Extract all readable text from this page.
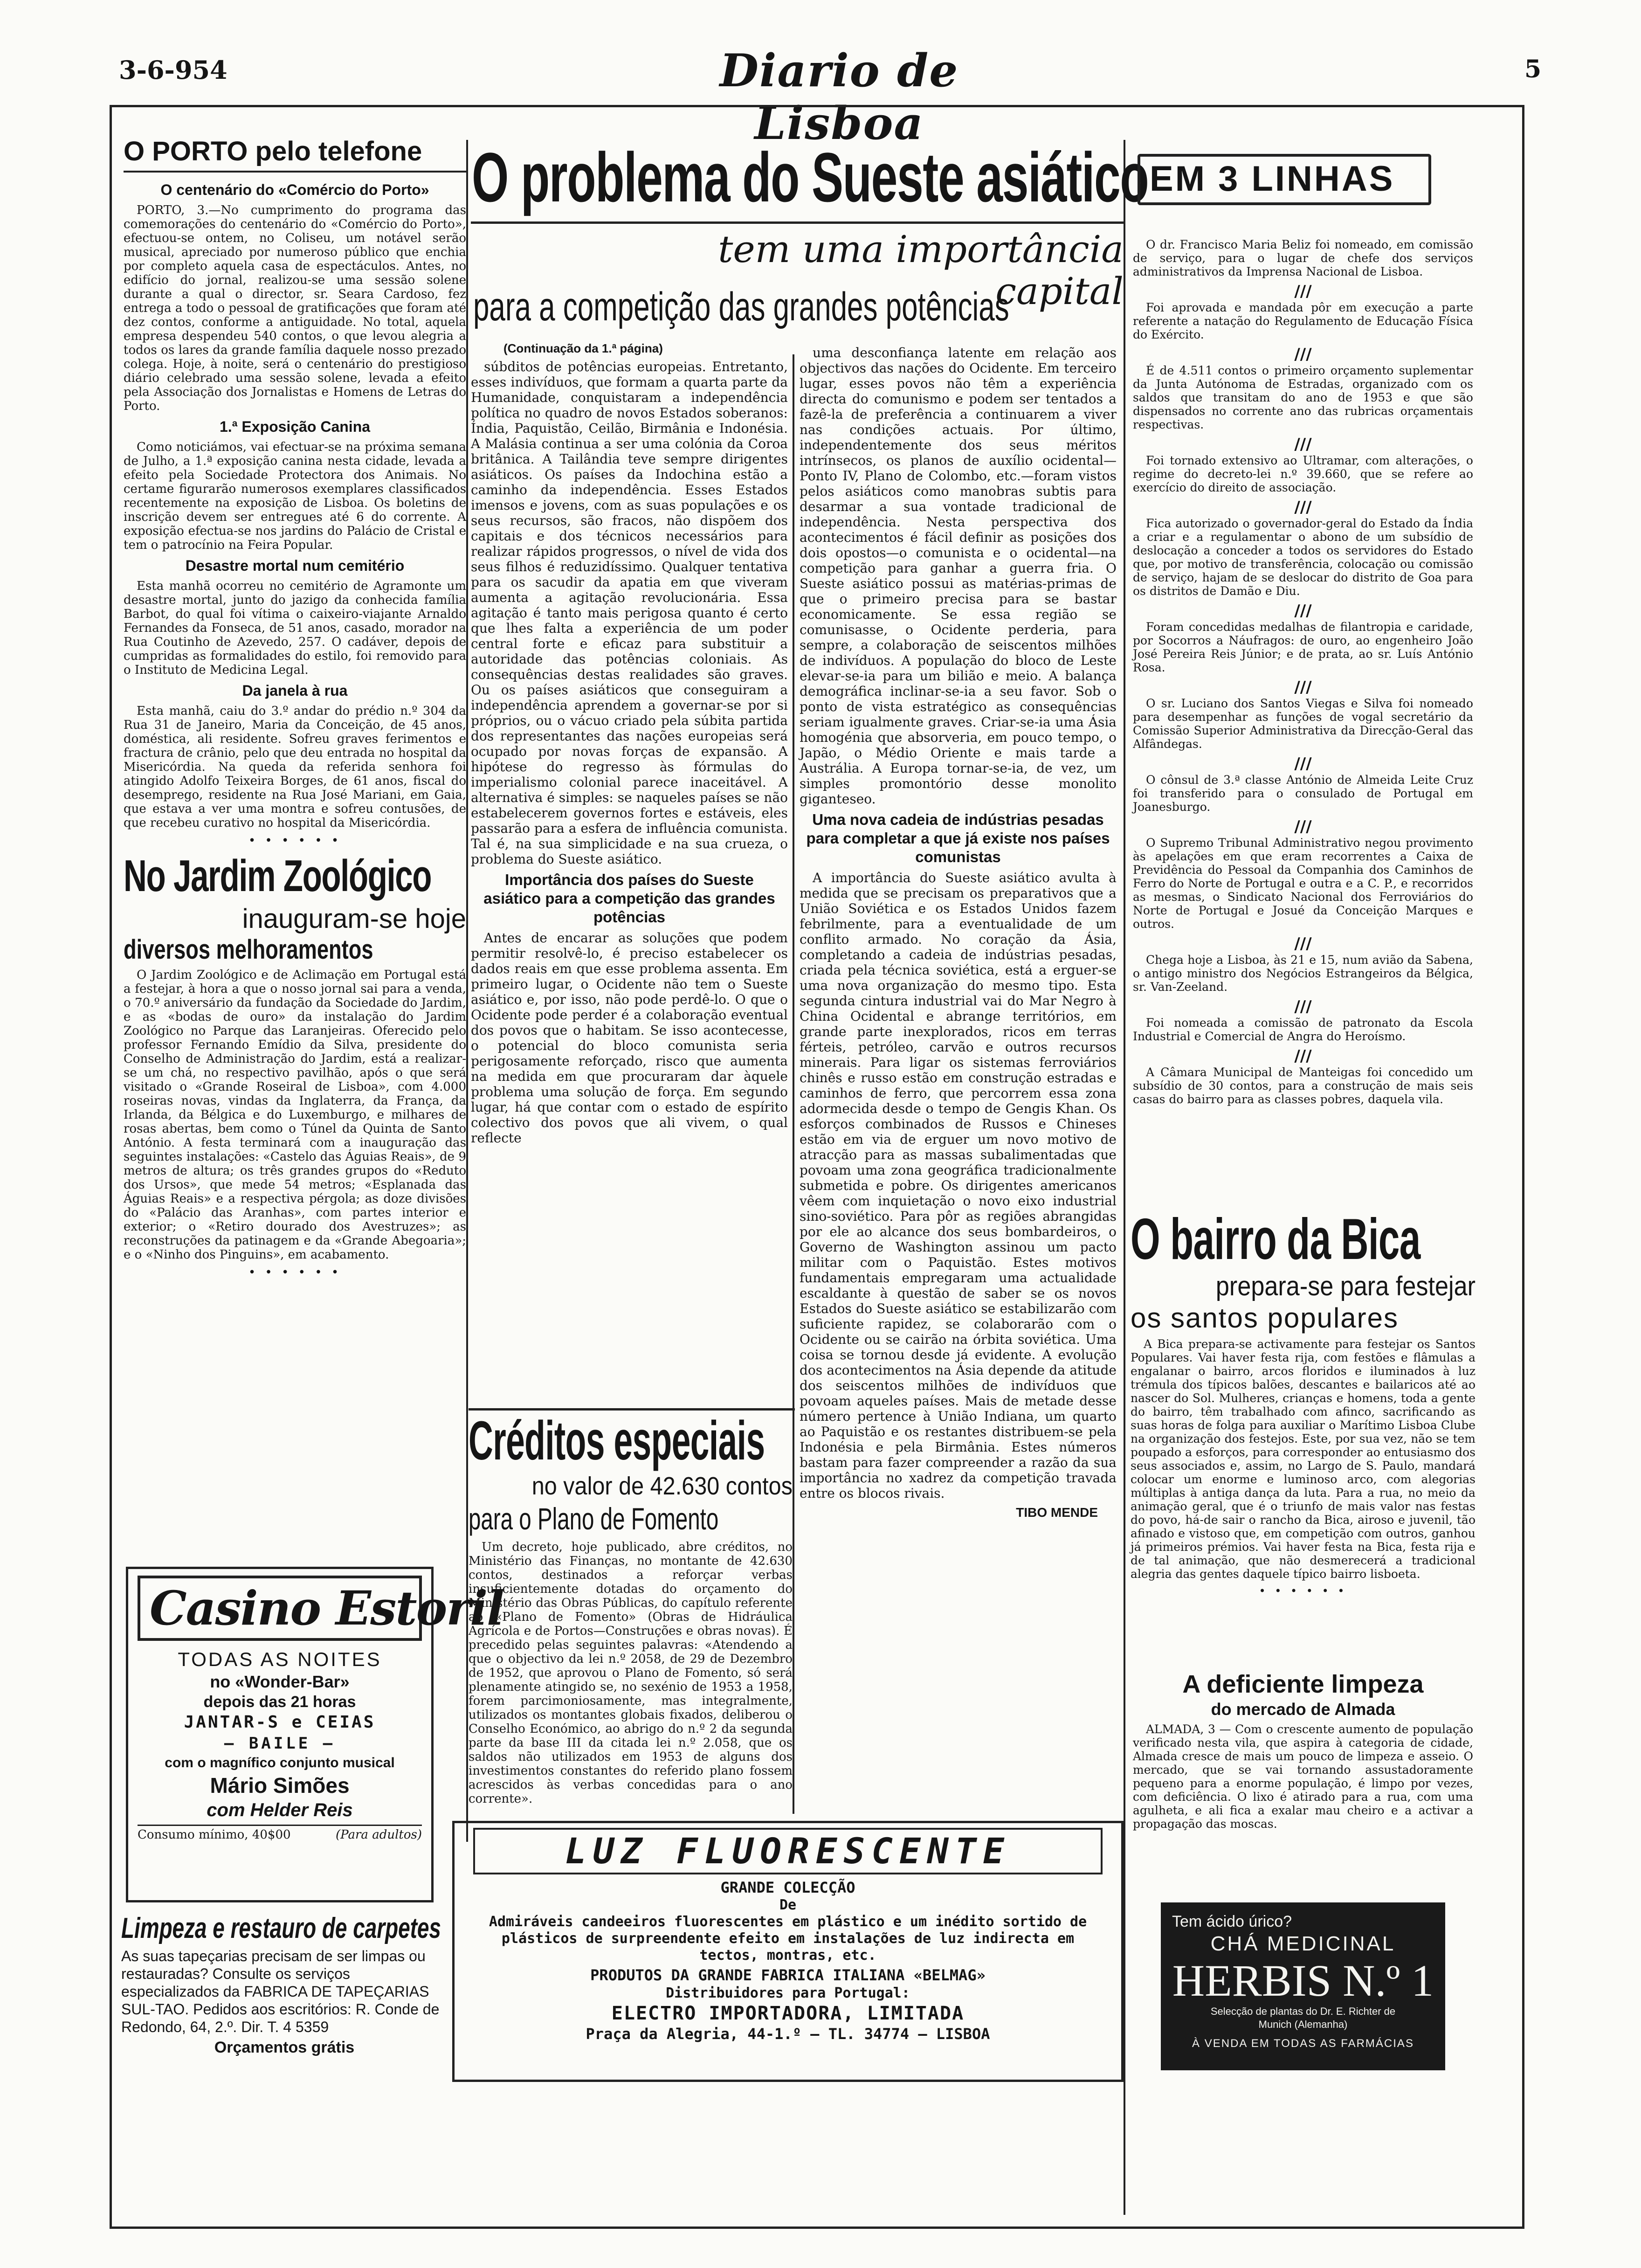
3-6-954	Diario de Lisboa
5
O PORTO pelo telefone
O centenário do «Comércio do Porto»

PORTO, 3.—No cumprimento do programa das comemorações do centenário do «Comércio do Porto», efectuou-se ontem, no Coliseu, um notável serão musical, apreciado por numeroso público que enchia por completo aquela casa de espectáculos. Antes, no edifício do jornal, realizou-se uma sessão solene durante a qual o director, sr. Seara Cardoso, fez entrega a todo o pessoal de gratificações que foram até dez contos, conforme a antiguidade. No total, aquela empresa despendeu 540 contos, o que levou alegria a todos os lares da grande família daquele nosso prezado colega. Hoje, à noite, será o centenário do prestigioso diário celebrado uma sessão solene, levada a efeito pela Associação dos Jornalistas e Homens de Letras do Porto.

1.ª Exposição Canina

Como noticiámos, vai efectuar-se na próxima semana de Julho, a 1.ª exposição canina nesta cidade, levada a efeito pela Sociedade Protectora dos Animais. No certame figurarão numerosos exemplares classificados recentemente na exposição de Lisboa. Os boletins de inscrição devem ser entregues até 6 do corrente. A exposição efectua-se nos jardins do Palácio de Cristal e tem o patrocínio na Feira Popular.

Desastre mortal num cemitério

Esta manhã ocorreu no cemitério de Agramonte um desastre mortal, junto do jazigo da conhecida família Barbot, do qual foi vítima o caixeiro-viajante Arnaldo Fernandes da Fonseca, de 51 anos, casado, morador na Rua Coutinho de Azevedo, 257. O cadáver, depois de cumpridas as formalidades do estilo, foi removido para o Instituto de Medicina Legal.

Da janela à rua

Esta manhã, caiu do 3.º andar do prédio n.º 304 da Rua 31 de Janeiro, Maria da Conceição, de 45 anos, doméstica, ali residente. Sofreu graves ferimentos e fractura de crânio, pelo que deu entrada no hospital da Misericórdia. Na queda da referida senhora foi atingido Adolfo Teixeira Borges, de 61 anos, fiscal do desemprego, residente na Rua José Mariani, em Gaia, que estava a ver uma montra e sofreu contusões, de que recebeu curativo no hospital da Misericórdia.

• • • • • •
No Jardim Zoológico
inauguram-se hoje
diversos melhoramentos

O Jardim Zoológico e de Aclimação em Portugal está a festejar, à hora a que o nosso jornal sai para a venda, o 70.º aniversário da fundação da Sociedade do Jardim, e as «bodas de ouro» da instalação do Jardim Zoológico no Parque das Laranjeiras. Oferecido pelo professor Fernando Emídio da Silva, presidente do Conselho de Administração do Jardim, está a realizar-se um chá, no respectivo pavilhão, após o que será visitado o «Grande Roseiral de Lisboa», com 4.000 roseiras novas, vindas da Inglaterra, da França, da Irlanda, da Bélgica e do Luxemburgo, e milhares de rosas abertas, bem como o Túnel da Quinta de Santo António. A festa terminará com a inauguração das seguintes instalações: «Castelo das Águias Reais», de 9 metros de altura; os três grandes grupos do «Reduto dos Ursos», que mede 54 metros; «Esplanada das Águias Reais» e a respectiva pérgola; as doze divisões do «Palácio das Aranhas», com partes interior e exterior; o «Retiro dourado dos Avestruzes»; as reconstruções da patinagem e da «Grande Abegoaria»; e o «Ninho dos Pinguins», em acabamento.

• • • • • •
Casino Estoril
TODAS AS NOITES
no «Wonder-Bar»
depois das 21 horas
JANTAR-S e CEIAS
— BAILE —
com o magnífico conjunto musical
Mário Simões
com Helder Reis
Consumo mínimo, 40$00	(Para adultos)
Limpeza e restauro de carpetes
As suas tapeçarias precisam de ser limpas ou restauradas? Consulte os serviços especializados da FABRICA DE TAPEÇARIAS SUL-TAO. Pedidos aos escritórios: R. Conde de Redondo, 64, 2.º. Dir. T. 4 5359
Orçamentos grátis
O problema do Sueste asiático
tem uma importância capital
para a competição das grandes potências
(Continuação da 1.ª página)

súbditos de potências europeias. Entretanto, esses indivíduos, que formam a quarta parte da Humanidade, conquistaram a independência política no quadro de novos Estados soberanos: Índia, Paquistão, Ceilão, Birmânia e Indonésia. A Malásia continua a ser uma colónia da Coroa britânica. A Tailândia teve sempre dirigentes asiáticos. Os países da Indochina estão a caminho da independência. Esses Estados imensos e jovens, com as suas populações e os seus recursos, são fracos, não dispõem dos capitais e dos técnicos necessários para realizar rápidos progressos, o nível de vida dos seus filhos é reduzidíssimo. Qualquer tentativa para os sacudir da apatia em que viveram aumenta a agitação revolucionária. Essa agitação é tanto mais perigosa quanto é certo que lhes falta a experiência de um poder central forte e eficaz para substituir a autoridade das potências coloniais. As consequências destas realidades são graves. Ou os países asiáticos que conseguiram a independência aprendem a governar-se por si próprios, ou o vácuo criado pela súbita partida dos representantes das nações europeias será ocupado por novas forças de expansão. A hipótese do regresso às fórmulas do imperialismo colonial parece inaceitável. A alternativa é simples: se naqueles países se não estabelecerem governos fortes e estáveis, eles passarão para a esfera de influência comunista. Tal é, na sua simplicidade e na sua crueza, o problema do Sueste asiático.

Importância dos países do Sueste asiático para a competição das grandes potências

Antes de encarar as soluções que podem permitir resolvê-lo, é preciso estabelecer os dados reais em que esse problema assenta. Em primeiro lugar, o Ocidente não tem o Sueste asiático e, por isso, não pode perdê-lo. O que o Ocidente pode perder é a colaboração eventual dos povos que o habitam. Se isso acontecesse, o potencial do bloco comunista seria perigosamente reforçado, risco que aumenta na medida em que procuraram dar àquele problema uma solução de força. Em segundo lugar, há que contar com o estado de espírito colectivo dos povos que ali vivem, o qual reflecte

uma desconfiança latente em relação aos objectivos das nações do Ocidente. Em terceiro lugar, esses povos não têm a experiência directa do comunismo e podem ser tentados a fazê-la de preferência a continuarem a viver nas condições actuais. Por último, independentemente dos seus méritos intrínsecos, os planos de auxílio ocidental—Ponto IV, Plano de Colombo, etc.—foram vistos pelos asiáticos como manobras subtis para desarmar a sua vontade tradicional de independência. Nesta perspectiva dos acontecimentos é fácil definir as posições dos dois opostos—o comunista e o ocidental—na competição para ganhar a guerra fria. O Sueste asiático possui as matérias-primas de que o primeiro precisa para se bastar economicamente. Se essa região se comunisasse, o Ocidente perderia, para sempre, a colaboração de seiscentos milhões de indivíduos. A população do bloco de Leste elevar-se-ia para um bilião e meio. A balança demográfica inclinar-se-ia a seu favor. Sob o ponto de vista estratégico as consequências seriam igualmente graves. Criar-se-ia uma Ásia homogénia que absorveria, em pouco tempo, o Japão, o Médio Oriente e mais tarde a Austrália. A Europa tornar-se-ia, de vez, um simples promontório desse monolito giganteseo.

Uma nova cadeia de indústrias pesadas para completar a que já existe nos países comunistas

A importância do Sueste asiático avulta à medida que se precisam os preparativos que a União Soviética e os Estados Unidos fazem febrilmente, para a eventualidade de um conflito armado. No coração da Ásia, completando a cadeia de indústrias pesadas, criada pela técnica soviética, está a erguer-se uma nova organização do mesmo tipo. Esta segunda cintura industrial vai do Mar Negro à China Ocidental e abrange territórios, em grande parte inexplorados, ricos em terras férteis, petróleo, carvão e outros recursos minerais. Para ligar os sistemas ferroviários chinês e russo estão em construção estradas e caminhos de ferro, que percorrem essa zona adormecida desde o tempo de Gengis Khan. Os esforços combinados de Russos e Chineses estão em via de erguer um novo motivo de atracção para as massas subalimentadas que povoam uma zona geográfica tradicionalmente submetida e pobre. Os dirigentes americanos vêem com inquietação o novo eixo industrial sino-soviético. Para pôr as regiões abrangidas por ele ao alcance dos seus bombardeiros, o Governo de Washington assinou um pacto militar com o Paquistão. Estes motivos fundamentais empregaram uma actualidade escaldante à questão de saber se os novos Estados do Sueste asiático se estabilizarão com suficiente rapidez, se colaborarão com o Ocidente ou se cairão na órbita soviética. Uma coisa se tornou desde já evidente. A evolução dos acontecimentos na Ásia depende da atitude dos seiscentos milhões de indivíduos que povoam aqueles países. Mais de metade desse número pertence à União Indiana, um quarto ao Paquistão e os restantes distribuem-se pela Indonésia e pela Birmânia. Estes números bastam para fazer compreender a razão da sua importância no xadrez da competição travada entre os blocos rivais.

TIBO MENDE
Créditos especiais
no valor de 42.630 contos
para o Plano de Fomento

Um decreto, hoje publicado, abre créditos, no Ministério das Finanças, no montante de 42.630 contos, destinados a reforçar verbas insuficientemente dotadas do orçamento do Ministério das Obras Públicas, do capítulo referente ao «Plano de Fomento» (Obras de Hidráulica Agrícola e de Portos—Construções e obras novas). É precedido pelas seguintes palavras: «Atendendo a que o objectivo da lei n.º 2058, de 29 de Dezembro de 1952, que aprovou o Plano de Fomento, só será plenamente atingido se, no sexénio de 1953 a 1958, forem parcimoniosamente, mas integralmente, utilizados os montantes globais fixados, deliberou o Conselho Económico, ao abrigo do n.º 2 da segunda parte da base III da citada lei n.º 2.058, que os saldos não utilizados em 1953 de alguns dos investimentos constantes do referido plano fossem acrescidos às verbas concedidas para o ano corrente».

LUZ FLUORESCENTE
GRANDE COLECÇÃO
De
Admiráveis candeeiros fluorescentes em plástico e um inédito sortido de plásticos de surpreendente efeito em instalações de luz indirecta em tectos, montras, etc.
PRODUTOS DA GRANDE FABRICA ITALIANA «BELMAG»
Distribuidores para Portugal:
ELECTRO IMPORTADORA, LIMITADA
Praça da Alegria, 44-1.º — TL. 34774 — LISBOA
EM 3 LINHAS

O dr. Francisco Maria Beliz foi nomeado, em comissão de serviço, para o lugar de chefe dos serviços administrativos da Imprensa Nacional de Lisboa.

///

Foi aprovada e mandada pôr em execução a parte referente a natação do Regulamento de Educação Física do Exército.

///

É de 4.511 contos o primeiro orçamento suplementar da Junta Autónoma de Estradas, organizado com os saldos que transitam do ano de 1953 e que são dispensados no corrente ano das rubricas orçamentais respectivas.

///

Foi tornado extensivo ao Ultramar, com alterações, o regime do decreto-lei n.º 39.660, que se refere ao exercício do direito de associação.

///

Fica autorizado o governador-geral do Estado da Índia a criar e a regulamentar o abono de um subsídio de deslocação a conceder a todos os servidores do Estado que, por motivo de transferência, colocação ou comissão de serviço, hajam de se deslocar do distrito de Goa para os distritos de Damão e Diu.

///

Foram concedidas medalhas de filantropia e caridade, por Socorros a Náufragos: de ouro, ao engenheiro João José Pereira Reis Júnior; e de prata, ao sr. Luís António Rosa.

///

O sr. Luciano dos Santos Viegas e Silva foi nomeado para desempenhar as funções de vogal secretário da Comissão Superior Administrativa da Direcção-Geral das Alfândegas.

///

O cônsul de 3.ª classe António de Almeida Leite Cruz foi transferido para o consulado de Portugal em Joanesburgo.

///

O Supremo Tribunal Administrativo negou provimento às apelações em que eram recorrentes a Caixa de Previdência do Pessoal da Companhia dos Caminhos de Ferro do Norte de Portugal e outra e a C. P., e recorridos as mesmas, o Sindicato Nacional dos Ferroviários do Norte de Portugal e Josué da Conceição Marques e outros.

///

Chega hoje a Lisboa, às 21 e 15, num avião da Sabena, o antigo ministro dos Negócios Estrangeiros da Bélgica, sr. Van-Zeeland.

///

Foi nomeada a comissão de patronato da Escola Industrial e Comercial de Angra do Heroísmo.

///

A Câmara Municipal de Manteigas foi concedido um subsídio de 30 contos, para a construção de mais seis casas do bairro para as classes pobres, daquela vila.

O bairro da Bica
prepara-se para festejar
os santos populares

A Bica prepara-se activamente para festejar os Santos Populares. Vai haver festa rija, com festões e flâmulas a engalanar o bairro, arcos floridos e iluminados à luz trémula dos típicos balões, descantes e bailaricos até ao nascer do Sol. Mulheres, crianças e homens, toda a gente do bairro, têm trabalhado com afinco, sacrificando as suas horas de folga para auxiliar o Marítimo Lisboa Clube na organização dos festejos. Este, por sua vez, não se tem poupado a esforços, para corresponder ao entusiasmo dos seus associados e, assim, no Largo de S. Paulo, mandará colocar um enorme e luminoso arco, com alegorias múltiplas à antiga dança da luta. Para a rua, no meio da animação geral, que é o triunfo de mais valor nas festas do povo, há-de sair o rancho da Bica, airoso e juvenil, tão afinado e vistoso que, em competição com outros, ganhou já primeiros prémios. Vai haver festa na Bica, festa rija e de tal animação, que não desmerecerá a tradicional alegria das gentes daquele típico bairro lisboeta.

• • • • • •
A deficiente limpeza
do mercado de Almada

ALMADA, 3 — Com o crescente aumento de população verificado nesta vila, que aspira à categoria de cidade, Almada cresce de mais um pouco de limpeza e asseio. O mercado, que se vai tornando assustadoramente pequeno para a enorme população, é limpo por vezes, com deficiência. O lixo é atirado para a rua, com uma agulheta, e ali fica a exalar mau cheiro e a activar a propagação das moscas.

Tem ácido úrico?
CHÁ MEDICINAL
HERBIS N.º 1
Selecção de plantas do Dr. E. Richter de Munich (Alemanha)
À VENDA EM TODAS AS FARMÁCIAS
